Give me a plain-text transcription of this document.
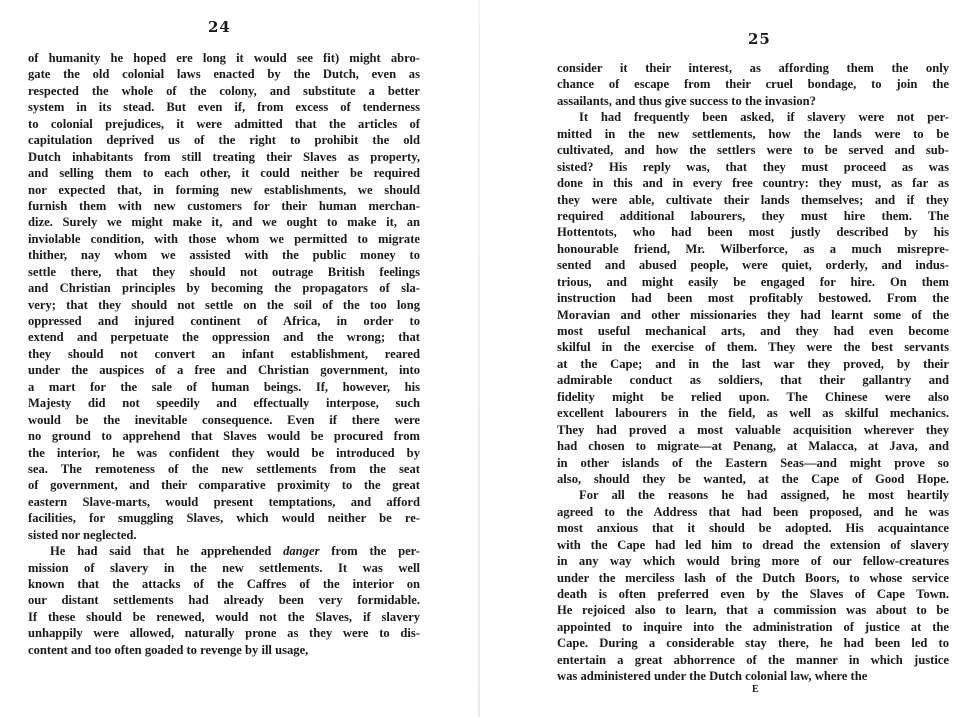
24
of humanity he hoped ere long it would see fit) might abro-
gate the old colonial laws enacted by the Dutch, even as
respected the whole of the colony, and substitute a better
system in its stead. But even if, from excess of tenderness
to colonial prejudices, it were admitted that the articles of
capitulation deprived us of the right to prohibit the old
Dutch inhabitants from still treating their Slaves as property,
and selling them to each other, it could neither be required
nor expected that, in forming new establishments, we should
furnish them with new customers for their human merchan-
dize. Surely we might make it, and we ought to make it, an
inviolable condition, with those whom we permitted to migrate
thither, nay whom we assisted with the public money to
settle there, that they should not outrage British feelings
and Christian principles by becoming the propagators of sla-
very; that they should not settle on the soil of the too long
oppressed and injured continent of Africa, in order to
extend and perpetuate the oppression and the wrong; that
they should not convert an infant establishment, reared
under the auspices of a free and Christian government, into
a mart for the sale of human beings. If, however, his
Majesty did not speedily and effectually interpose, such
would be the inevitable consequence. Even if there were
no ground to apprehend that Slaves would be procured from
the interior, he was confident they would be introduced by
sea. The remoteness of the new settlements from the seat
of government, and their comparative proximity to the great
eastern Slave-marts, would present temptations, and afford
facilities, for smuggling Slaves, which would neither be re-
sisted nor neglected.
He had said that he apprehended danger from the per-
mission of slavery in the new settlements. It was well
known that the attacks of the Caffres of the interior on
our distant settlements had already been very formidable.
If these should be renewed, would not the Slaves, if slavery
unhappily were allowed, naturally prone as they were to dis-
content and too often goaded to revenge by ill usage,
25
consider it their interest, as affording them the only
chance of escape from their cruel bondage, to join the
assailants, and thus give success to the invasion?
It had frequently been asked, if slavery were not per-
mitted in the new settlements, how the lands were to be
cultivated, and how the settlers were to be served and sub-
sisted? His reply was, that they must proceed as was
done in this and in every free country: they must, as far as
they were able, cultivate their lands themselves; and if they
required additional labourers, they must hire them. The
Hottentots, who had been most justly described by his
honourable friend, Mr. Wilberforce, as a much misrepre-
sented and abused people, were quiet, orderly, and indus-
trious, and might easily be engaged for hire. On them
instruction had been most profitably bestowed. From the
Moravian and other missionaries they had learnt some of the
most useful mechanical arts, and they had even become
skilful in the exercise of them. They were the best servants
at the Cape; and in the last war they proved, by their
admirable conduct as soldiers, that their gallantry and
fidelity might be relied upon. The Chinese were also
excellent labourers in the field, as well as skilful mechanics.
They had proved a most valuable acquisition wherever they
had chosen to migrate—at Penang, at Malacca, at Java, and
in other islands of the Eastern Seas—and might prove so
also, should they be wanted, at the Cape of Good Hope.
For all the reasons he had assigned, he most heartily
agreed to the Address that had been proposed, and he was
most anxious that it should be adopted. His acquaintance
with the Cape had led him to dread the extension of slavery
in any way which would bring more of our fellow-creatures
under the merciless lash of the Dutch Boors, to whose service
death is often preferred even by the Slaves of Cape Town.
He rejoiced also to learn, that a commission was about to be
appointed to inquire into the administration of justice at the
Cape. During a considerable stay there, he had been led to
entertain a great abhorrence of the manner in which justice
was administered under the Dutch colonial law, where the
E
